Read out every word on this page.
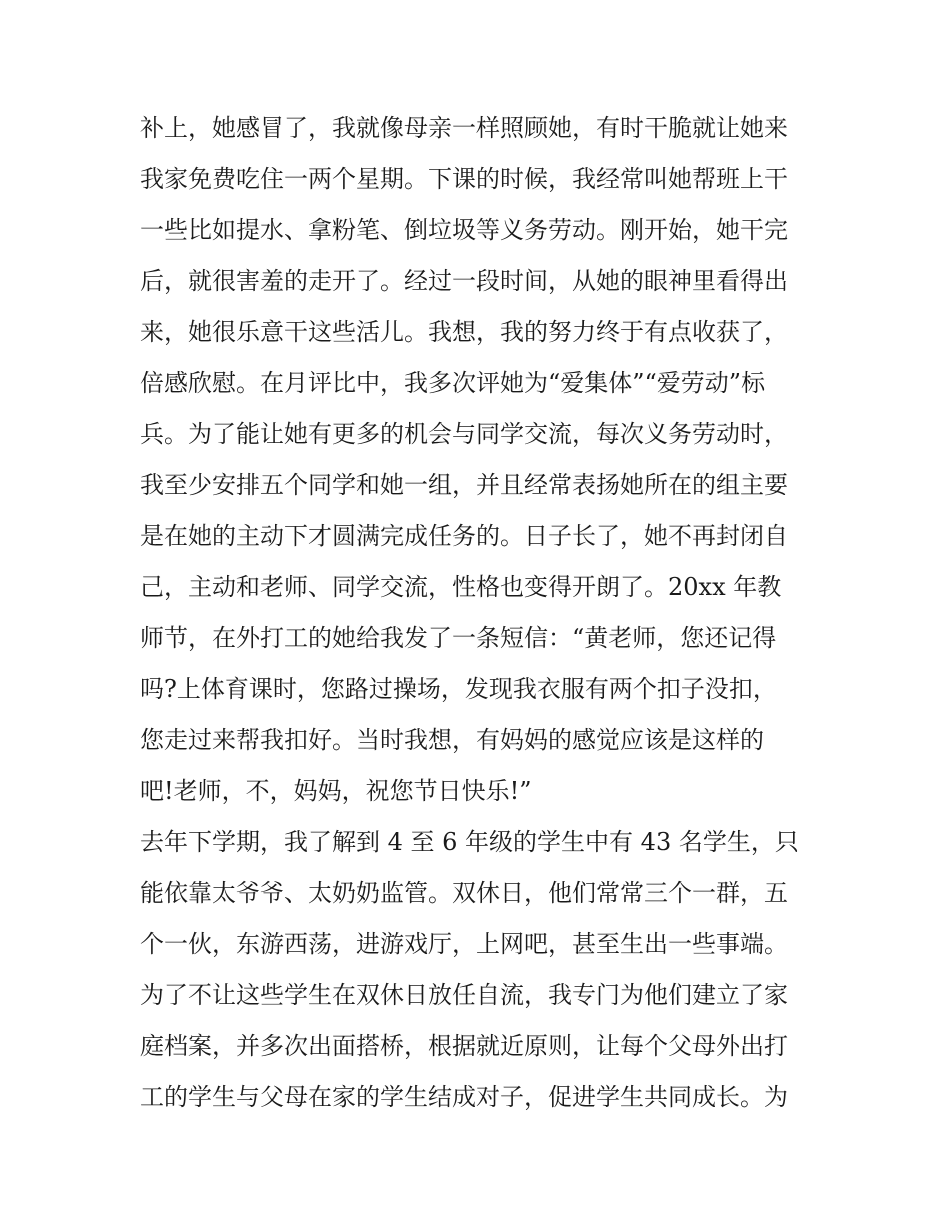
补上，她感冒了，我就像母亲一样照顾她，有时干脆就让她来
我家免费吃住一两个星期。下课的时候，我经常叫她帮班上干
一些比如提水、拿粉笔、倒垃圾等义务劳动。刚开始，她干完
后，就很害羞的走开了。经过一段时间，从她的眼神里看得出
来，她很乐意干这些活儿。我想，我的努力终于有点收获了，
倍感欣慰。在月评比中，我多次评她为“爱集体”“爱劳动”标
兵。为了能让她有更多的机会与同学交流，每次义务劳动时，
我至少安排五个同学和她一组，并且经常表扬她所在的组主要
是在她的主动下才圆满完成任务的。日子长了，她不再封闭自
己，主动和老师、同学交流，性格也变得开朗了。20xx 年教
师节，在外打工的她给我发了一条短信：“黄老师，您还记得
吗?上体育课时，您路过操场，发现我衣服有两个扣子没扣，
您走过来帮我扣好。当时我想，有妈妈的感觉应该是这样的
吧!老师，不，妈妈，祝您节日快乐!”
去年下学期，我了解到 4 至 6 年级的学生中有 43 名学生，只
能依靠太爷爷、太奶奶监管。双休日，他们常常三个一群，五
个一伙，东游西荡，进游戏厅，上网吧，甚至生出一些事端。
为了不让这些学生在双休日放任自流，我专门为他们建立了家
庭档案，并多次出面搭桥，根据就近原则，让每个父母外出打
工的学生与父母在家的学生结成对子，促进学生共同成长。为
